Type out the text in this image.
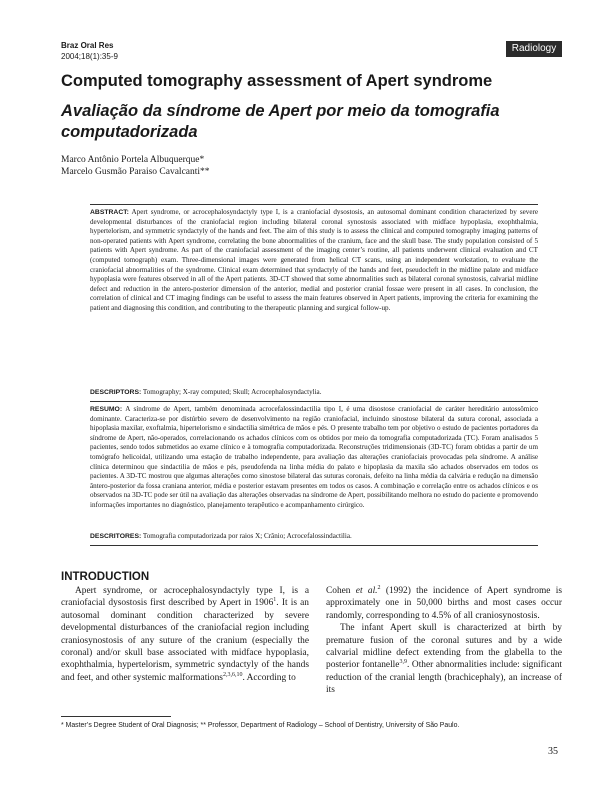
Braz Oral Res
2004;18(1):35-9
Radiology
Computed tomography assessment of Apert syndrome
Avaliação da síndrome de Apert por meio da tomografia computadorizada
Marco Antônio Portela Albuquerque*
Marcelo Gusmão Paraiso Cavalcanti**
ABSTRACT: Apert syndrome, or acrocephalosyndactyly type I, is a craniofacial dysostosis, an autosomal dominant condition characterized by severe developmental disturbances of the craniofacial region including bilateral coronal synostosis associated with midface hypoplasia, exophthalmia, hypertelorism, and symmetric syndactyly of the hands and feet. The aim of this study is to assess the clinical and computed tomography imaging patterns of non-operated patients with Apert syndrome, correlating the bone abnormalities of the cranium, face and the skull base. The study population consisted of 5 patients with Apert syndrome. As part of the craniofacial assessment of the imaging center’s routine, all patients underwent clinical evaluation and CT (computed tomograph) exam. Three-dimensional images were generated from helical CT scans, using an independent workstation, to evaluate the craniofacial abnormalities of the syndrome. Clinical exam determined that syndactyly of the hands and feet, pseudocleft in the midline palate and midface hypoplasia were features observed in all of the Apert patients. 3D-CT showed that some abnormalities such as bilateral coronal synostosis, calvarial midline defect and reduction in the antero-posterior dimension of the anterior, medial and posterior cranial fossae were present in all cases. In conclusion, the correlation of clinical and CT imaging findings can be useful to assess the main features observed in Apert patients, improving the criteria for examining the patient and diagnosing this condition, and contributing to the therapeutic planning and surgical follow-up.
DESCRIPTORS: Tomography; X-ray computed; Skull; Acrocephalosyndactylia.
RESUMO: A síndrome de Apert, também denominada acrocefalossindactilia tipo I, é uma disostose craniofacial de caráter hereditário autossômico dominante. Caracteriza-se por distúrbio severo de desenvolvimento na região craniofacial, incluindo sinostose bilateral da sutura coronal, associada a hipoplasia maxilar, exoftalmia, hipertelorismo e sindactilia simétrica de mãos e pés. O presente trabalho tem por objetivo o estudo de pacientes portadores da síndrome de Apert, não-operados, correlacionando os achados clínicos com os obtidos por meio da tomografia computadorizada (TC). Foram analisados 5 pacientes, sendo todos submetidos ao exame clínico e à tomografia computadorizada. Reconstruções tridimensionais (3D-TC) foram obtidas a partir de um tomógrafo helicoidal, utilizando uma estação de trabalho independente, para avaliação das alterações craniofaciais provocadas pela síndrome. A análise clínica determinou que sindactilia de mãos e pés, pseudofenda na linha média do palato e hipoplasia da maxila são achados observados em todos os pacientes. A 3D-TC mostrou que algumas alterações como sinostose bilateral das suturas coronais, defeito na linha média da calvária e redução na dimensão ântero-posterior da fossa craniana anterior, média e posterior estavam presentes em todos os casos. A combinação e correlação entre os achados clínicos e os observados na 3D-TC pode ser útil na avaliação das alterações observadas na síndrome de Apert, possibilitando melhora no estudo do paciente e promovendo informações importantes no diagnóstico, planejamento terapêutico e acompanhamento cirúrgico.
DESCRITORES: Tomografia computadorizada por raios X; Crânio; Acrocefalossindactilia.
INTRODUCTION

Apert syndrome, or acrocephalosyndactyly type I, is a craniofacial dysostosis first described by Apert in 1906$^1$. It is an autosomal dominant condition characterized by severe developmental disturbances of the craniofacial region including craniosynostosis of any suture of the cranium (especially the coronal) and/or skull base associated with midface hypoplasia, exophthalmia, hypertelorism, symmetric syndactyly of the hands and feet, and other systemic malformations$^{2,3,6,10}$. According to

Cohen et al.$^2$ (1992) the incidence of Apert syndrome is approximately one in 50,000 births and most cases occur randomly, corresponding to 4.5% of all craniosynostosis.

The infant Apert skull is characterized at birth by premature fusion of the coronal sutures and by a wide calvarial midline defect extending from the glabella to the posterior fontanelle$^{3,9}$. Other abnormalities include: significant reduction of the cranial length (brachicephaly), an increase of its

* Master’s Degree Student of Oral Diagnosis; ** Professor, Department of Radiology – School of Dentistry, University of São Paulo.
35
